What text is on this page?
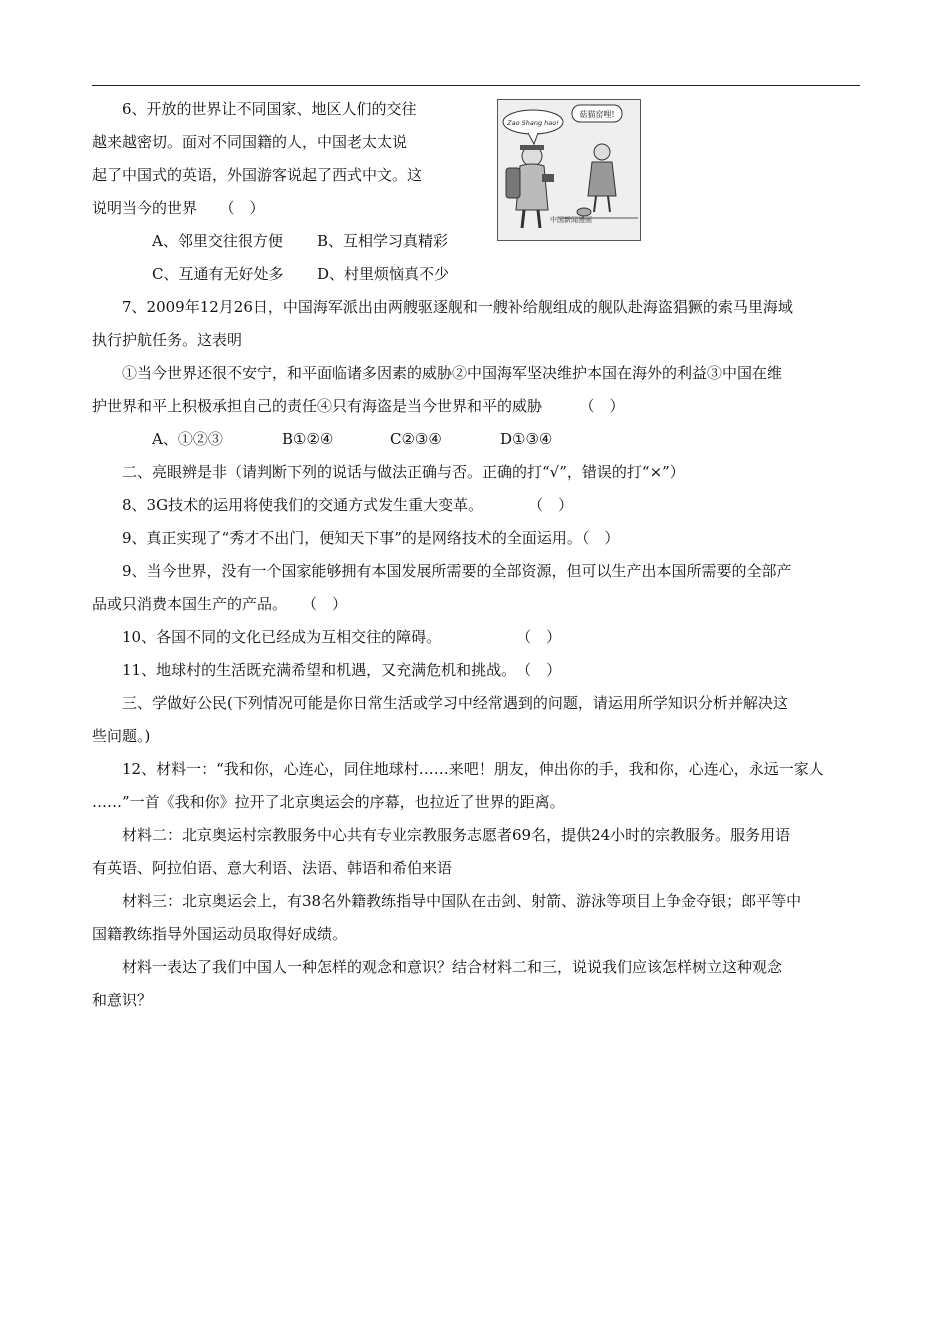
Zao Shang hao!
菇猫窑哩!
中国新闻漫画

6、开放的世界让不同国家、地区人们的交往

越来越密切。面对不同国籍的人，中国老太太说

起了中国式的英语，外国游客说起了西式中文。这

说明当今的世界　　（　）

A、邻里交往很方便 B、互相学习真精彩

C、互通有无好处多 D、村里烦恼真不少

7、2009年12月26日，中国海军派出由两艘驱逐舰和一艘补给舰组成的舰队赴海盗猖獗的索马里海域

执行护航任务。这表明

①当今世界还很不安宁，和平面临诸多因素的威胁②中国海军坚决维护本国在海外的利益③中国在维

护世界和平上积极承担自己的责任④只有海盗是当今世界和平的威胁　　　（　）

A、①②③	B①②④	C②③④	D①③④

二、亮眼辨是非（请判断下列的说话与做法正确与否。正确的打“√”，错误的打“×”）

8、3G技术的运用将使我们的交通方式发生重大变革。　　　　（　）

9、真正实现了“秀才不出门，便知天下事”的是网络技术的全面运用。（　）

9、当今世界，没有一个国家能够拥有本国发展所需要的全部资源，但可以生产出本国所需要的全部产

品或只消费本国生产的产品。　　（　）

10、各国不同的文化已经成为互相交往的障碍。　　　　　　（　）

11、地球村的生活既充满希望和机遇，又充满危机和挑战。　（　）

三、学做好公民(下列情况可能是你日常生活或学习中经常遇到的问题，请运用所学知识分析并解决这

些问题。)

12、材料一：“我和你，心连心，同住地球村……来吧！朋友，伸出你的手，我和你，心连心，永远一家人

……”一首《我和你》拉开了北京奥运会的序幕，也拉近了世界的距离。

材料二：北京奥运村宗教服务中心共有专业宗教服务志愿者69名，提供24小时的宗教服务。服务用语

有英语、阿拉伯语、意大利语、法语、韩语和希伯来语

材料三：北京奥运会上，有38名外籍教练指导中国队在击剑、射箭、游泳等项目上争金夺银；郎平等中

国籍教练指导外国运动员取得好成绩。

材料一表达了我们中国人一种怎样的观念和意识？结合材料二和三，说说我们应该怎样树立这种观念

和意识？
